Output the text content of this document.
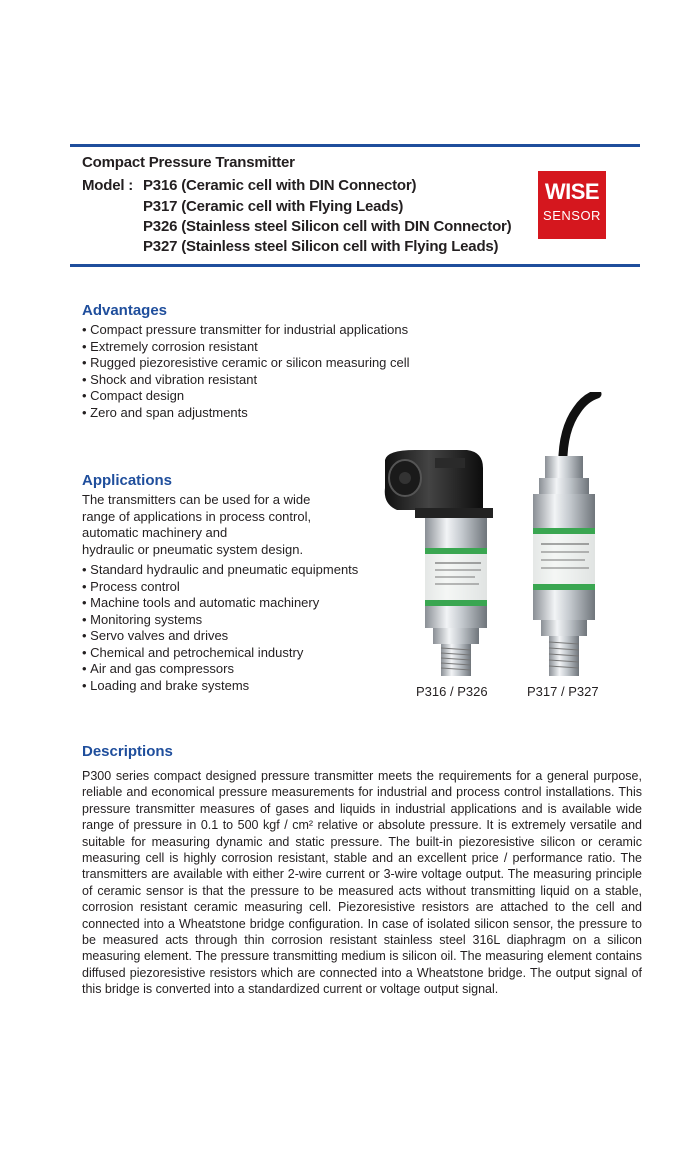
Compact Pressure Transmitter
Model : P316 (Ceramic cell with DIN Connector)
P317 (Ceramic cell with Flying Leads)
P326 (Stainless steel Silicon cell with DIN Connector)
P327 (Stainless steel Silicon cell with Flying Leads)
WISE
SENSOR
Advantages
• Compact pressure transmitter for industrial applications
• Extremely corrosion resistant
• Rugged piezoresistive ceramic or silicon measuring cell
• Shock and vibration resistant
• Compact design
• Zero and span adjustments
Applications
The transmitters can be used for a wide
range of applications in process control,
automatic machinery and
hydraulic or pneumatic system design.
• Standard hydraulic and pneumatic equipments
• Process control
• Machine tools and automatic machinery
• Monitoring systems
• Servo valves and drives
• Chemical and petrochemical industry
• Air and gas compressors
• Loading and brake systems	P316 / P326	P317 / P327
Descriptions

P300 series compact designed pressure transmitter meets the requirements for a general purpose, reliable and economical pressure measurements for industrial and process control installations. This pressure transmitter measures of gases and liquids in industrial applications and is available wide range of pressure in 0.1 to 500 kgf / cm² relative or absolute pressure. It is extremely versatile and suitable for measuring dynamic and static pressure. The built-in piezoresistive silicon or ceramic measuring cell is highly corrosion resistant, stable and an excellent price / performance ratio. The transmitters are available with either 2-wire current or 3-wire voltage output. The measuring principle of ceramic sensor is that the pressure to be measured acts without transmitting liquid on a stable, corrosion resistant ceramic measuring cell. Piezoresistive resistors are attached to the cell and connected into a Wheatstone bridge configuration. In case of isolated silicon sensor, the pressure to be measured acts through thin corrosion resistant stainless steel 316L diaphragm on a silicon measuring element. The pressure transmitting medium is silicon oil. The measuring element contains diffused piezoresistive resistors which are connected into a Wheatstone bridge. The output signal of this bridge is converted into a standardized current or voltage output signal.
